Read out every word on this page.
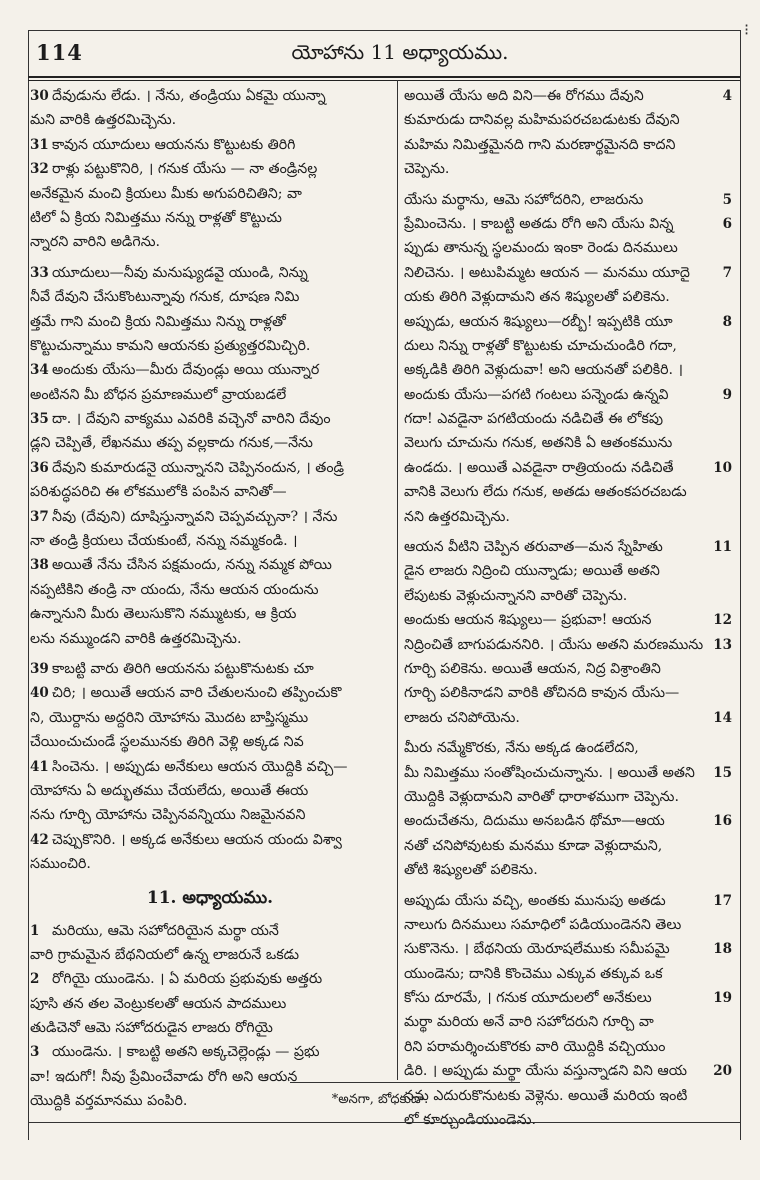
⁝
114	యోహాను 11 అధ్యాయము.
30 దేవుడును లేడు. । నేను, తండ్రియు ఏకమై యున్నా
మని వారికి ఉత్తరమిచ్చెను.
31 కావున యూదులు ఆయనను కొట్టుటకు తిరిగి
32 రాళ్లు పట్టుకొనిరి, । గనుక యేసు — నా తండ్రినల్ల
అనేకమైన మంచి క్రియలు మీకు అగుపరిచితిని; వా
టిలో ఏ క్రియ నిమిత్తము నన్ను రాళ్లతో కొట్టుచు
న్నారని వారిని అడిగెను.
33 యూదులు—నీవు మనుష్యుడవై యుండి, నిన్ను
నీవే దేవుని చేసుకొంటున్నావు గనుక, దూషణ నిమి
త్తమే గాని మంచి క్రియ నిమిత్తము నిన్ను రాళ్లతో
కొట్టుచున్నాము కామని ఆయనకు ప్రత్యుత్తరమిచ్చిరి.
34 అందుకు యేసు—మీరు దేవుండ్లు అయి యున్నార
అంటినని మీ బోధన ప్రమాణములో వ్రాయబడలే
35 దా. । దేవుని వాక్యము ఎవరికి వచ్చెనో వారిని దేవుం
డ్లని చెప్పితే, లేఖనము తప్ప వల్లకాదు గనుక,—నేను
36 దేవుని కుమారుడనై యున్నానని చెప్పినందున, । తండ్రి
పరిశుద్ధపరిచి ఈ లోకములోకి పంపిన వానితో—
37 నీవు (దేవుని) దూషిస్తున్నావని చెప్పవచ్చునా? । నేను
నా తండ్రి క్రియలు చేయకుంటే, నన్ను నమ్మకండి. ।
38 అయితే నేను చేసిన పక్షమందు, నన్ను నమ్మక పోయి
నప్పటికిని తండ్రి నా యందు, నేను ఆయన యందును
ఉన్నానుని మీరు తెలుసుకొని నమ్ముటకు, ఆ క్రియ
లను నమ్ముండని వారికి ఉత్తరమిచ్చెను.
39 కాబట్టి వారు తిరిగి ఆయనను పట్టుకొనుటకు చూ
40 చిరి; । అయితే ఆయన వారి చేతులనుంచి తప్పించుకొ
ని, యొర్దాను అద్దరిని యోహాను మొదట బాప్తిస్మము
చేయించుచుండే స్థలమునకు తిరిగి వెళ్లి అక్కడ నివ
41 సించెను. । అప్పుడు అనేకులు ఆయన యొద్దికి వచ్చి—
యోహాను ఏ అద్భుతము చేయలేదు, అయితే ఈయ
నను గూర్చి యోహాను చెప్పినవన్నియు నిజమైనవని
42 చెప్పుకొనిరి. । అక్కడ అనేకులు ఆయన యందు విశ్వా
సముంచిరి.
11. అధ్యాయము.
1 మరియు, ఆమె సహోదరియైన మర్థా యనే
వారి గ్రామమైన బేథనియలో ఉన్న లాజరునే ఒకడు
2 రోగియై యుండెను. । ఏ మరియ ప్రభువుకు అత్తరు
పూసి తన తల వెంట్రుకలతో ఆయన పాదములు
తుడిచెనో ఆమె సహోదరుడైన లాజరు రోగియై
3 యుండెను. । కాబట్టి అతని అక్కచెల్లెండ్లు — ప్రభు
వా! ఇదుగో! నీవు ప్రేమించేవాడు రోగి అని ఆయన
యొద్దికి వర్తమానము పంపిరి.
అయితే యేసు అది విని—ఈ రోగము దేవుని	4
కుమారుడు దానివల్ల మహిమపరచబడుటకు దేవుని
మహిమ నిమిత్తమైనది గాని మరణార్థమైనది కాదని
చెప్పెను.
యేసు మర్థాను, ఆమె సహోదరిని, లాజరును	5
ప్రేమించెను. । కాబట్టి అతడు రోగి అని యేసు విన్న	6
ప్పుడు తానున్న స్థలమందు ఇంకా రెండు దినములు
నిలిచెను. । అటుపిమ్మట ఆయన — మనము యూదై 7
యకు తిరిగి వెళ్లుదామని తన శిష్యులతో పలికెను.
అప్పుడు, ఆయన శిష్యులు—రబ్బీ! ఇప్పటికి యూ	8
దులు నిన్ను రాళ్లతో కొట్టుటకు చూచుచుండిరి గదా,
అక్కడికి తిరిగి వెళ్లుదువా! అని ఆయనతో పలికిరి. ।
అందుకు యేసు—పగటి గంటలు పన్నెండు ఉన్నవి	9
గదా! ఎవడైనా పగటియందు నడిచితే ఈ లోకపు
వెలుగు చూచును గనుక, అతనికి ఏ ఆతంకమును
ఉండదు. । అయితే ఎవడైనా రాత్రియందు నడిచితే	10
వానికి వెలుగు లేదు గనుక, అతడు ఆతంకపరచబడు
నని ఉత్తరమిచ్చెను.
ఆయన వీటిని చెప్పిన తరువాత—మన స్నేహితు	11
డైన లాజరు నిద్రించి యున్నాడు; అయితే అతని
లేపుటకు వెళ్లుచున్నానని వారితో చెప్పెను.
అందుకు ఆయన శిష్యులు— ప్రభువా! ఆయన	12
నిద్రించితే బాగుపడుననిరి. । యేసు అతని మరణమును 13
గూర్చి పలికెను. అయితే ఆయన, నిద్ర విశ్రాంతిని
గూర్చి పలికినాడని వారికి తోచినది కావున యేసు—
లాజరు చనిపోయెను.	14
మీరు నమ్మేకొరకు, నేను అక్కడ ఉండలేదని,
మీ నిమిత్తము సంతోషించుచున్నాను. । అయితే అతని 15
యొద్దికి వెళ్లుదామని వారితో ధారాళముగా చెప్పెను.
అందుచేతను, దిదుము అనబడిన థోమా—ఆయ	16
నతో చనిపోవుటకు మనము కూడా వెళ్లుదామని,
తోటి శిష్యులతో పలికెను.
అప్పుడు యేసు వచ్చి, అంతకు మునుపు అతడు	17
నాలుగు దినములు సమాధిలో పడియుండెనని తెలు
సుకొనెను. । బేథనియ యెరూషలేముకు సమీపమై	18
యుండెను; దానికి కొంచెము ఎక్కువ తక్కువ ఒక
కోసు దూరమే, । గనుక యూదులలో అనేకులు	19
మర్థా మరియ అనే వారి సహోదరుని గూర్చి వా
రిని పరామర్శించుకొరకు వారి యొద్దికి వచ్చియుం
డిరి. । అప్పుడు మర్థా యేసు వస్తున్నాడని విని ఆయ 20
నను ఎదురుకొనుటకు వెళ్లెను. అయితే మరియ ఇంటి
లో కూర్చుండియుండెను.
*అనగా, బోధకుడా.
